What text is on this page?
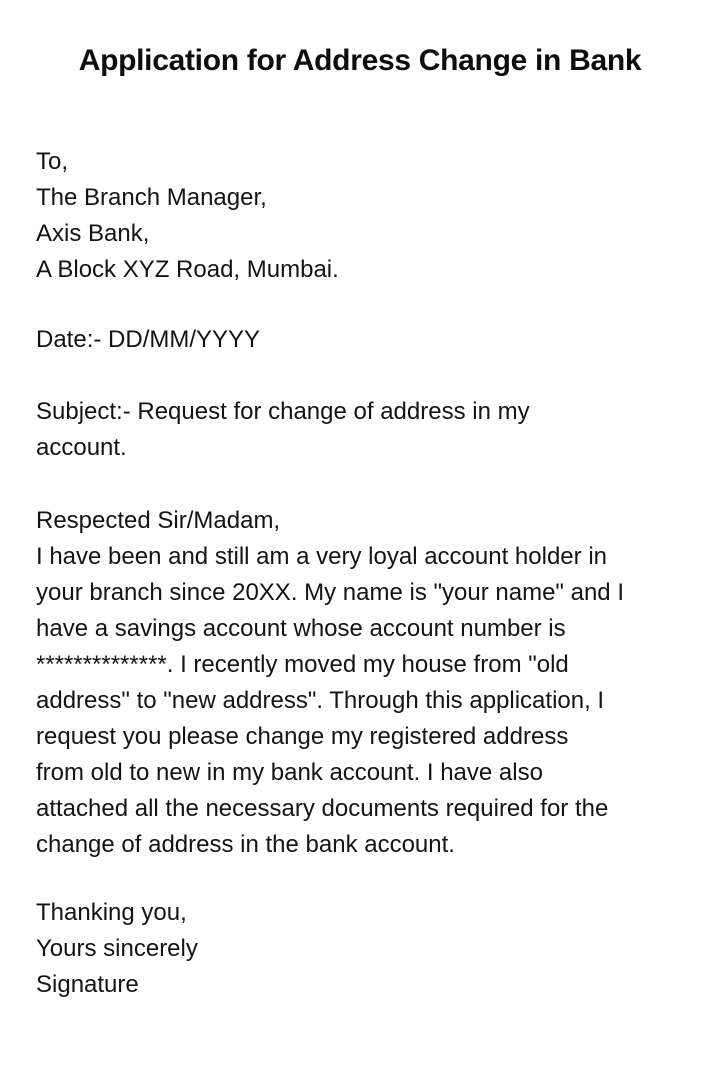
Application for Address Change in Bank
To,
The Branch Manager,
Axis Bank,
A Block XYZ Road, Mumbai.
Date:- DD/MM/YYYY
Subject:- Request for change of address in my
account.
Respected Sir/Madam,
I have been and still am a very loyal account holder in
your branch since 20XX. My name is "your name" and I
have a savings account whose account number is
**************. I recently moved my house from "old
address" to "new address". Through this application, I
request you please change my registered address
from old to new in my bank account. I have also
attached all the necessary documents required for the
change of address in the bank account.
Thanking you,
Yours sincerely
Signature
